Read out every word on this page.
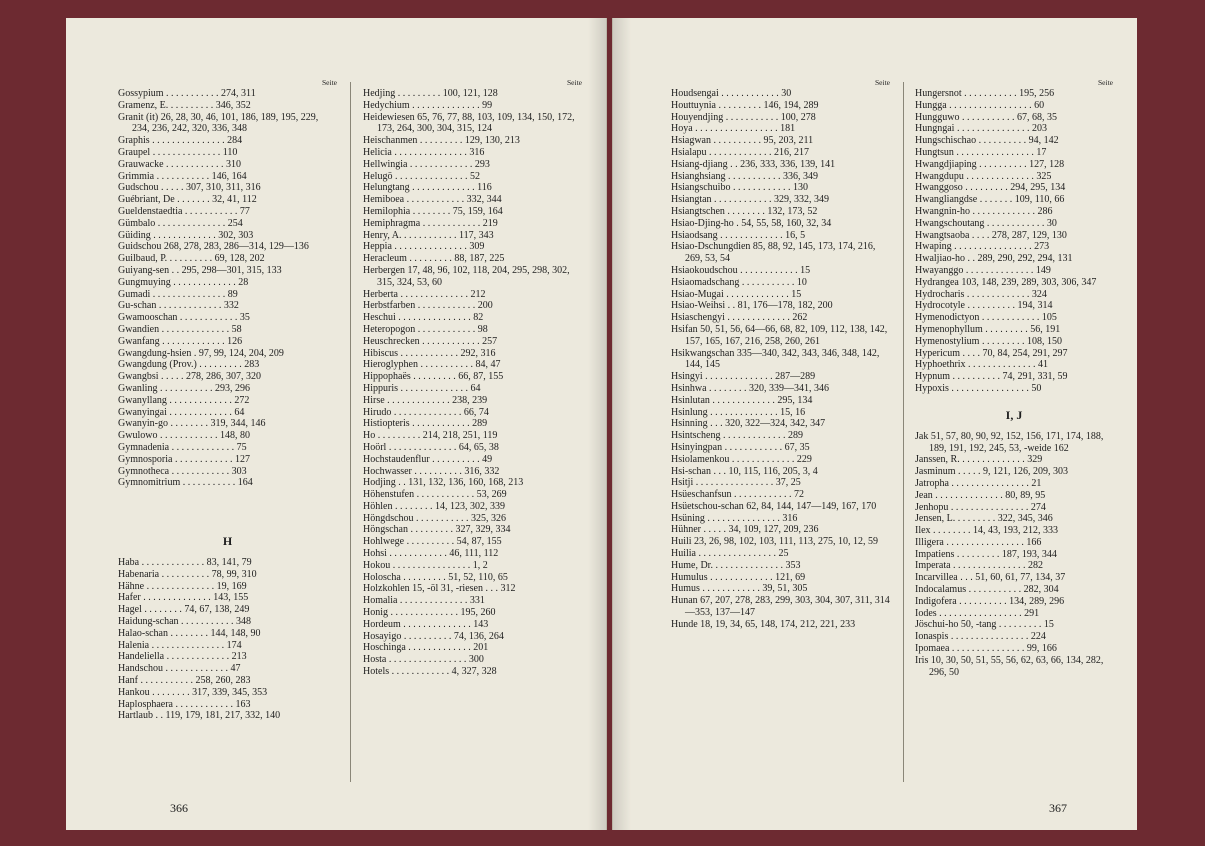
Seite

Gossypium . . . . . . . . . . . 274, 311

Gramenz, E. . . . . . . . . . 346, 352

Granit (it) 26, 28, 30, 46, 101, 186, 189, 195, 229, 234, 236, 242, 320, 336, 348

Graphis . . . . . . . . . . . . . . . 284

Graupel . . . . . . . . . . . . . . 110

Grauwacke . . . . . . . . . . . . 310

Grimmia . . . . . . . . . . . 146, 164

Gudschou . . . . . 307, 310, 311, 316

Guébriant, De . . . . . . . 32, 41, 112

Gueldenstaedtia . . . . . . . . . . . 77

Gümbalo . . . . . . . . . . . . . . 254

Güiding . . . . . . . . . . . . . 302, 303

Guidschou 268, 278, 283, 286—314, 129—136

Guilbaud, P. . . . . . . . . . 69, 128, 202

Guiyang-sen . . 295, 298—301, 315, 133

Gungmuying . . . . . . . . . . . . . 28

Gumadi . . . . . . . . . . . . . . . 89

Gu-schan . . . . . . . . . . . . . 332

Gwamooschan . . . . . . . . . . . . 35

Gwandien . . . . . . . . . . . . . . 58

Gwanfang . . . . . . . . . . . . . 126

Gwangdung-hsien . 97, 99, 124, 204, 209

Gwangdung (Prov.) . . . . . . . . . 283

Gwangbsi . . . . . 278, 286, 307, 320

Gwanling . . . . . . . . . . . 293, 296

Gwanyllang . . . . . . . . . . . . . 272

Gwanyingai . . . . . . . . . . . . . 64

Gwanyin-go . . . . . . . . 319, 344, 146

Gwulowo . . . . . . . . . . . . 148, 80

Gymnadenia . . . . . . . . . . . . . 75

Gymnosporia . . . . . . . . . . . . 127

Gymnotheca . . . . . . . . . . . . 303

Gymnomitrium . . . . . . . . . . . 164

H

Haba . . . . . . . . . . . . . 83, 141, 79

Habenaria . . . . . . . . . . 78, 99, 310

Hähne . . . . . . . . . . . . . . 19, 169

Hafer . . . . . . . . . . . . . . 143, 155

Hagel . . . . . . . . 74, 67, 138, 249

Haidung-schan . . . . . . . . . . . 348

Halao-schan . . . . . . . . 144, 148, 90

Halenia . . . . . . . . . . . . . . . 174

Handeliella . . . . . . . . . . . . . 213

Handschou . . . . . . . . . . . . . 47

Hanf . . . . . . . . . . . 258, 260, 283

Hankou . . . . . . . . 317, 339, 345, 353

Haplosphaera . . . . . . . . . . . . 163

Hartlaub . . 119, 179, 181, 217, 332, 140

Seite

Hedjing . . . . . . . . . 100, 121, 128

Hedychium . . . . . . . . . . . . . . 99

Heidewiesen 65, 76, 77, 88, 103, 109, 134, 150, 172, 173, 264, 300, 304, 315, 124

Heischanmen . . . . . . . . . 129, 130, 213

Helicia . . . . . . . . . . . . . . . 316

Hellwingia . . . . . . . . . . . . . 293

Helugö . . . . . . . . . . . . . . . 52

Helungtang . . . . . . . . . . . . . 116

Hemiboea . . . . . . . . . . . . 332, 344

Hemilophia . . . . . . . . 75, 159, 164

Hemiphragma . . . . . . . . . . . . 219

Henry, A. . . . . . . . . . . . 117, 343

Heppia . . . . . . . . . . . . . . . 309

Heracleum . . . . . . . . . 88, 187, 225

Herbergen 17, 48, 96, 102, 118, 204, 295, 298, 302, 315, 324, 53, 60

Herberta . . . . . . . . . . . . . . 212

Herbstfarben . . . . . . . . . . . . 200

Heschui . . . . . . . . . . . . . . . 82

Heteropogon . . . . . . . . . . . . 98

Heuschrecken . . . . . . . . . . . . 257

Hibiscus . . . . . . . . . . . . 292, 316

Hieroglyphen . . . . . . . . . . . 84, 47

Hippophaës . . . . . . . . . 66, 87, 155

Hippuris . . . . . . . . . . . . . . 64

Hirse . . . . . . . . . . . . . 238, 239

Hirudo . . . . . . . . . . . . . . 66, 74

Histiopteris . . . . . . . . . . . . 289

Ho . . . . . . . . . 214, 218, 251, 119

Hoörl . . . . . . . . . . . . . . 64, 65, 38

Hochstaudenflur . . . . . . . . . . 49

Hochwasser . . . . . . . . . . 316, 332

Hodjing . . 131, 132, 136, 160, 168, 213

Höhenstufen . . . . . . . . . . . . 53, 269

Höhlen . . . . . . . . 14, 123, 302, 339

Höngdschou . . . . . . . . . . . 325, 326

Höngschan . . . . . . . . . 327, 329, 334

Hohlwege . . . . . . . . . . 54, 87, 155

Hohsi . . . . . . . . . . . . 46, 111, 112

Hokou . . . . . . . . . . . . . . . . 1, 2

Holoscha . . . . . . . . . 51, 52, 110, 65

Holzkohlen 15, -öl 31, -riesen . . . 312

Homalia . . . . . . . . . . . . . . 331

Honig . . . . . . . . . . . . . . 195, 260

Hordeum . . . . . . . . . . . . . . 143

Hosayigo . . . . . . . . . . 74, 136, 264

Hoschinga . . . . . . . . . . . . . 201

Hosta . . . . . . . . . . . . . . . . 300

Hotels . . . . . . . . . . . . 4, 327, 328

366
Seite

Houdsengai . . . . . . . . . . . . 30

Houttuynia . . . . . . . . . 146, 194, 289

Houyendjing . . . . . . . . . . . 100, 278

Hoya . . . . . . . . . . . . . . . . . 181

Hsiagwan . . . . . . . . . . 95, 203, 211

Hsialapu . . . . . . . . . . . . . 216, 217

Hsiang-djiang . . 236, 333, 336, 139, 141

Hsianghsiang . . . . . . . . . . . 336, 349

Hsiangschuibo . . . . . . . . . . . . 130

Hsiangtan . . . . . . . . . . . . 329, 332, 349

Hsiangtschen . . . . . . . . 132, 173, 52

Hsiao-Djing-ho . 54, 55, 58, 160, 32, 34

Hsiaodsang . . . . . . . . . . . . . 16, 5

Hsiao-Dschungdien 85, 88, 92, 145, 173, 174, 216, 269, 53, 54

Hsiaokoudschou . . . . . . . . . . . . 15

Hsiaomadschang . . . . . . . . . . . 10

Hsiao-Mugai . . . . . . . . . . . . . 15

Hsiao-Weihsi . . 81, 176—178, 182, 200

Hsiaschengyi . . . . . . . . . . . . . 262

Hsifan 50, 51, 56, 64—66, 68, 82, 109, 112, 138, 142, 157, 165, 167, 216, 258, 260, 261

Hsikwangschan 335—340, 342, 343, 346, 348, 142, 144, 145

Hsingyi . . . . . . . . . . . . . . 287—289

Hsinhwa . . . . . . . . 320, 339—341, 346

Hsinlutan . . . . . . . . . . . . . 295, 134

Hsinlung . . . . . . . . . . . . . . 15, 16

Hsinning . . . 320, 322—324, 342, 347

Hsintscheng . . . . . . . . . . . . . 289

Hsinyingpan . . . . . . . . . . . . 67, 35

Hsiolamenkou . . . . . . . . . . . . . 229

Hsi-schan . . . 10, 115, 116, 205, 3, 4

Hsitji . . . . . . . . . . . . . . . . 37, 25

Hsüeschanfsun . . . . . . . . . . . . 72

Hsüetschou-schan 62, 84, 144, 147—149, 167, 170

Hsüning . . . . . . . . . . . . . . . 316

Hühner . . . . . 34, 109, 127, 209, 236

Huili 23, 26, 98, 102, 103, 111, 113, 275, 10, 12, 59

Huilia . . . . . . . . . . . . . . . . 25

Hume, Dr. . . . . . . . . . . . . . . 353

Humulus . . . . . . . . . . . . . 121, 69

Humus . . . . . . . . . . . . 39, 51, 305

Hunan 67, 207, 278, 283, 299, 303, 304, 307, 311, 314—353, 137—147

Hunde 18, 19, 34, 65, 148, 174, 212, 221, 233

Seite

Hungersnot . . . . . . . . . . . 195, 256

Hungga . . . . . . . . . . . . . . . . . 60

Hungguwo . . . . . . . . . . . 67, 68, 35

Hungngai . . . . . . . . . . . . . . . 203

Hungschischao . . . . . . . . . . 94, 142

Hungtsun . . . . . . . . . . . . . . . . 17

Hwangdjiaping . . . . . . . . . . 127, 128

Hwangdupu . . . . . . . . . . . . . . 325

Hwanggoso . . . . . . . . . 294, 295, 134

Hwangliangdse . . . . . . . 109, 110, 66

Hwangnin-ho . . . . . . . . . . . . . 286

Hwangschoutang . . . . . . . . . . . . 30

Hwangtsaoba . . . . 278, 287, 129, 130

Hwaping . . . . . . . . . . . . . . . . 273

Hwaljiao-ho . . 289, 290, 292, 294, 131

Hwayanggo . . . . . . . . . . . . . . 149

Hydrangea 103, 148, 239, 289, 303, 306, 347

Hydrocharis . . . . . . . . . . . . . 324

Hydrocotyle . . . . . . . . . . 194, 314

Hymenodictyon . . . . . . . . . . . . 105

Hymenophyllum . . . . . . . . . 56, 191

Hymenostylium . . . . . . . . . 108, 150

Hypericum . . . . 70, 84, 254, 291, 297

Hyphoethrix . . . . . . . . . . . . . . 41

Hypnum . . . . . . . . . . 74, 291, 331, 59

Hypoxis . . . . . . . . . . . . . . . . 50

I, J

Jak 51, 57, 80, 90, 92, 152, 156, 171, 174, 188, 189, 191, 192, 245, 53, -weide 162

Janssen, R. . . . . . . . . . . . . . 329

Jasminum . . . . . 9, 121, 126, 209, 303

Jatropha . . . . . . . . . . . . . . . . 21

Jean . . . . . . . . . . . . . . 80, 89, 95

Jenhopu . . . . . . . . . . . . . . . . 274

Jensen, L. . . . . . . . . 322, 345, 346

Ilex . . . . . . . . 14, 43, 193, 212, 333

Illigera . . . . . . . . . . . . . . . . 166

Impatiens . . . . . . . . . 187, 193, 344

Imperata . . . . . . . . . . . . . . . 282

Incarvillea . . . 51, 60, 61, 77, 134, 37

Indocalamus . . . . . . . . . . . 282, 304

Indigofera . . . . . . . . . . 134, 289, 296

Iodes . . . . . . . . . . . . . . . . . 291

Jöschui-ho 50, -tang . . . . . . . . . 15

Ionaspis . . . . . . . . . . . . . . . . 224

Ipomaea . . . . . . . . . . . . . . . 99, 166

Iris 10, 30, 50, 51, 55, 56, 62, 63, 66, 134, 282, 296, 50

367
